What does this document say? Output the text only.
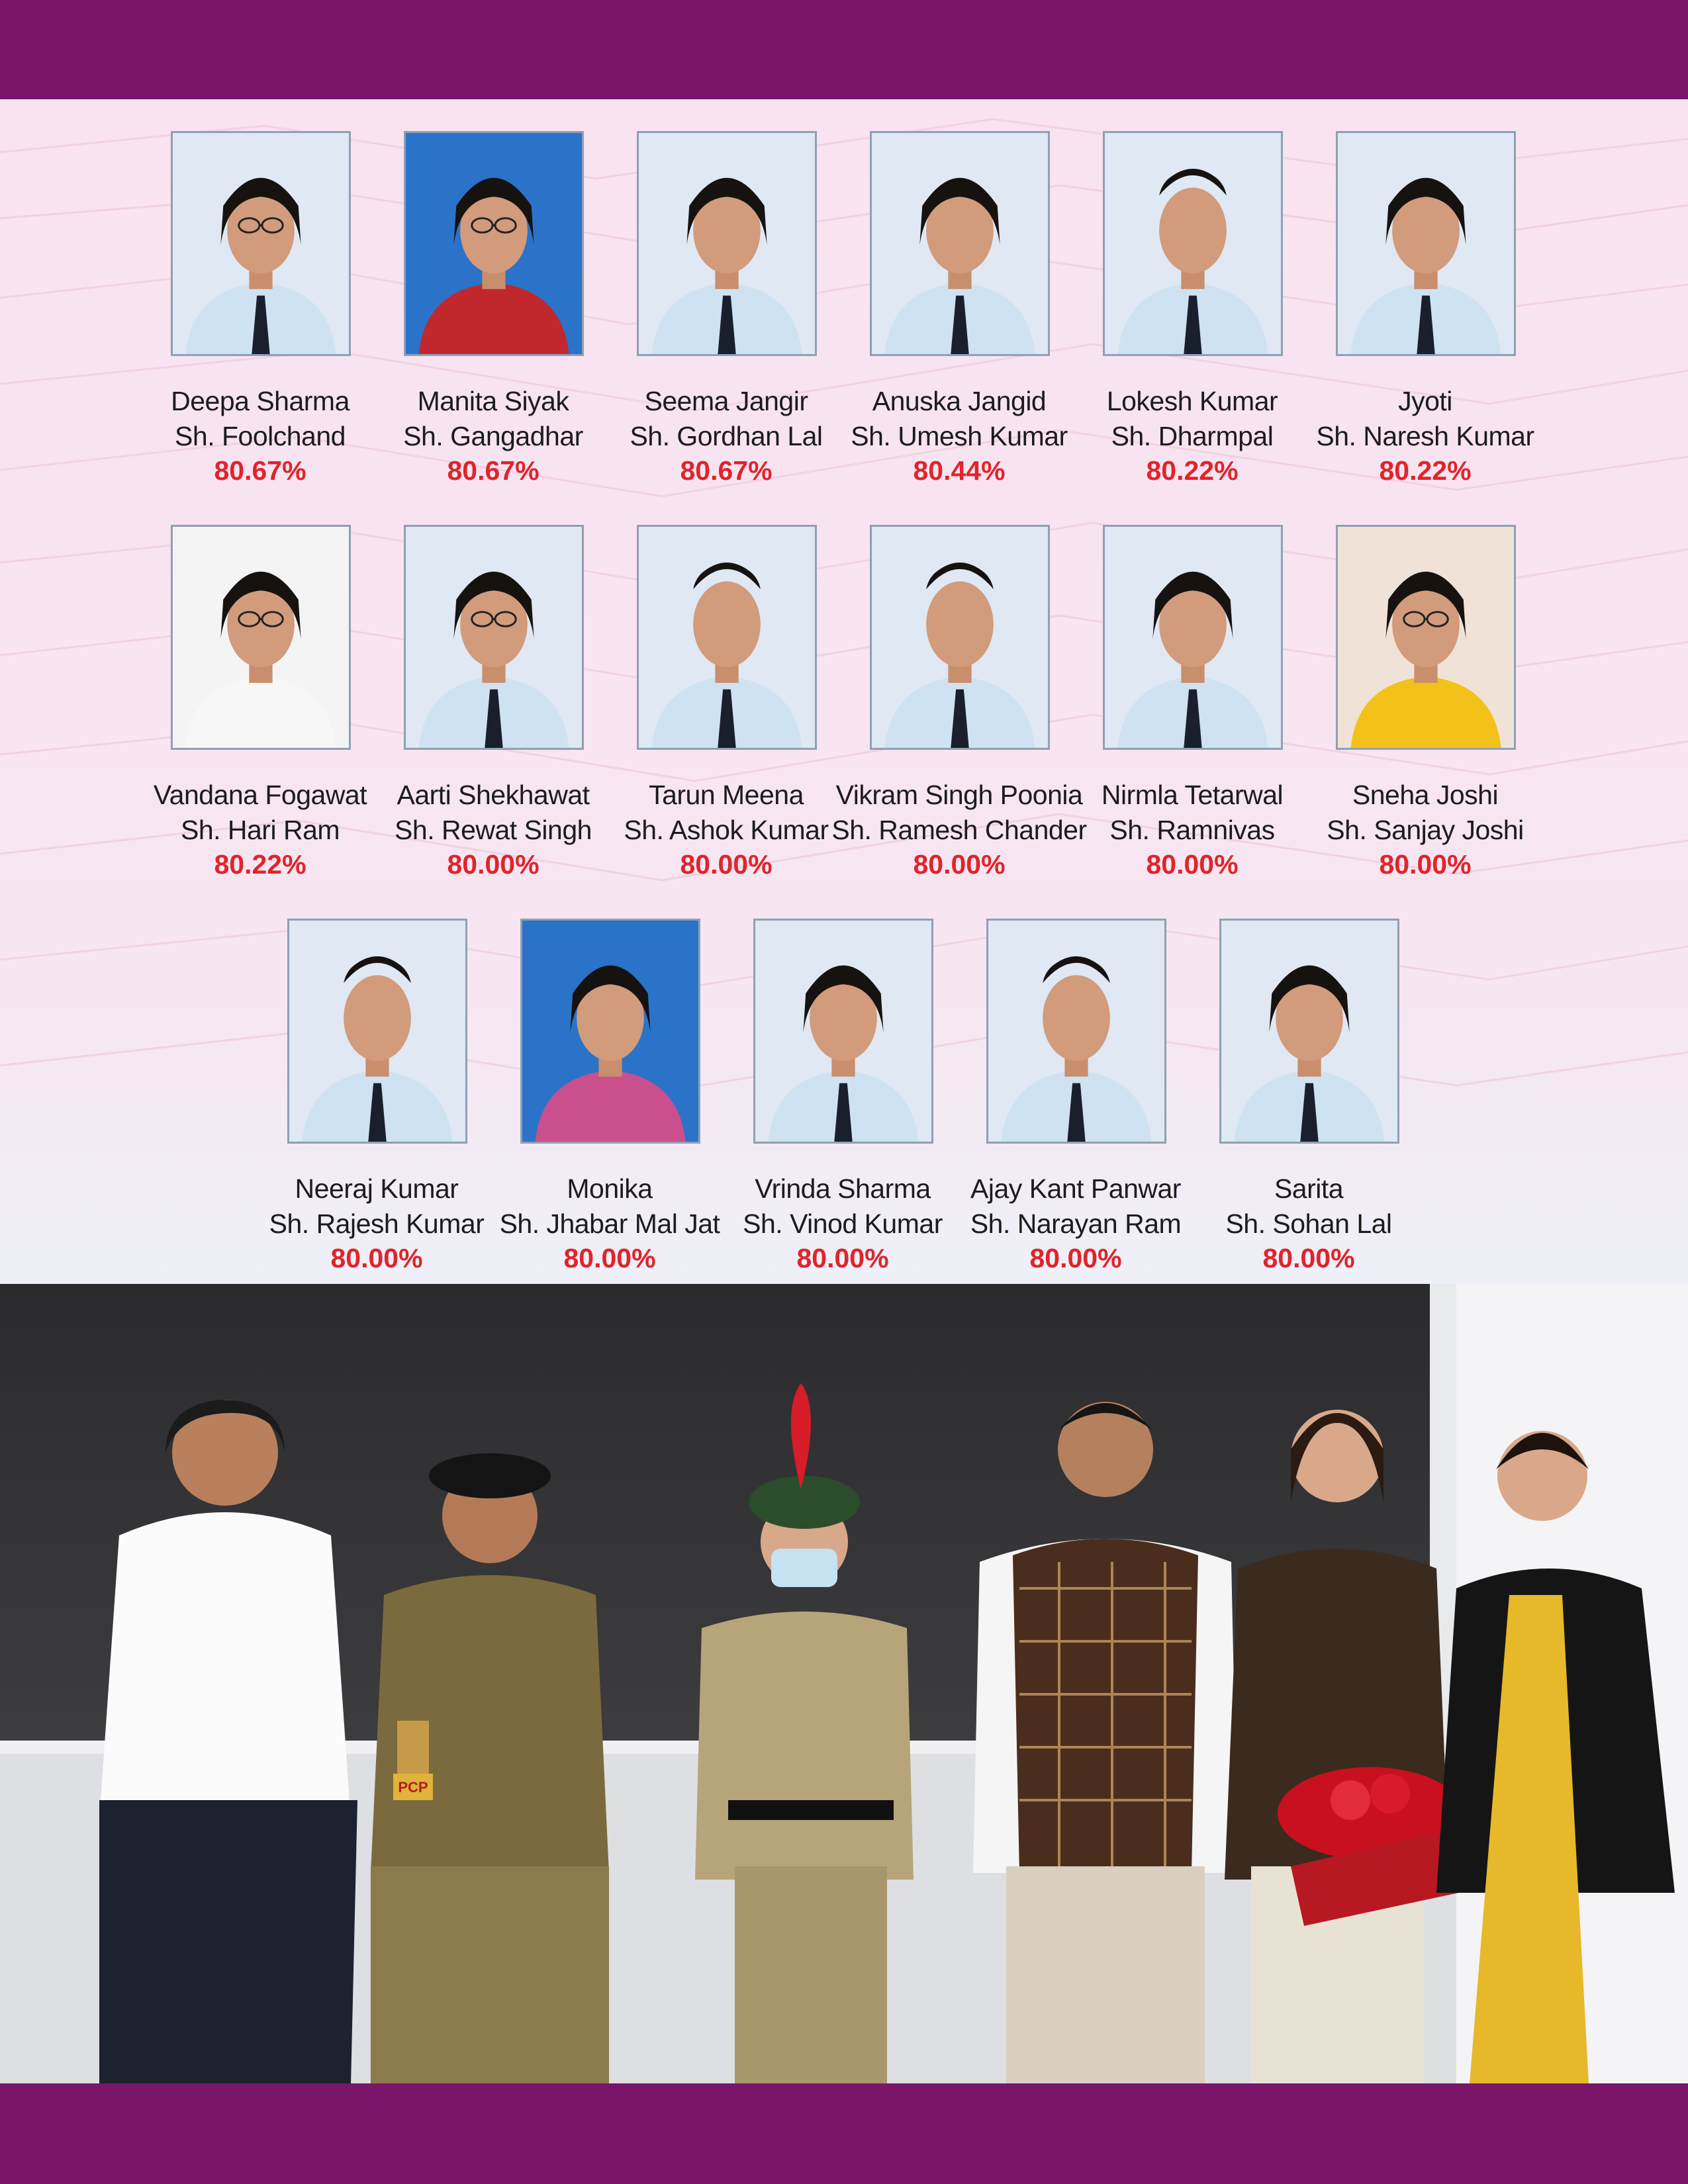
Deepa Sharma
Sh. Foolchand
80.67%
Manita Siyak
Sh. Gangadhar
80.67%
Seema Jangir
Sh. Gordhan Lal
80.67%
Anuska Jangid
Sh. Umesh Kumar
80.44%
Lokesh Kumar
Sh. Dharmpal
80.22%
Jyoti
Sh. Naresh Kumar
80.22%
Vandana Fogawat
Sh. Hari Ram
80.22%
Aarti Shekhawat
Sh. Rewat Singh
80.00%
Tarun Meena
Sh. Ashok Kumar
80.00%
Vikram Singh Poonia
Sh. Ramesh Chander
80.00%
Nirmla Tetarwal
Sh. Ramnivas
80.00%
Sneha Joshi
Sh. Sanjay Joshi
80.00%
Neeraj Kumar
Sh. Rajesh Kumar
80.00%
Monika
Sh. Jhabar Mal Jat
80.00%
Vrinda Sharma
Sh. Vinod Kumar
80.00%
Ajay Kant Panwar
Sh. Narayan Ram
80.00%
Sarita
Sh. Sohan Lal
80.00%
PCP
